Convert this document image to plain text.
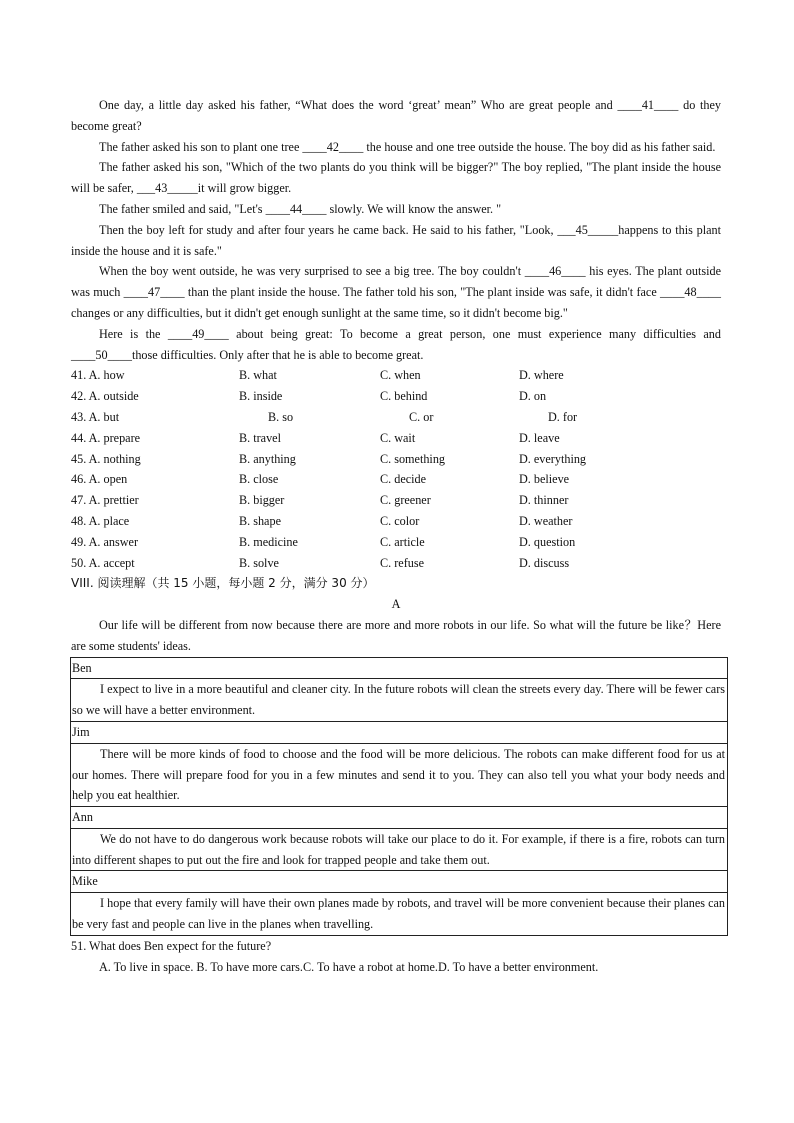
One day, a little day asked his father, “What does the word ‘great’ mean” Who are great people and ____41____ do they become great?

The father asked his son to plant one tree ____42____ the house and one tree outside the house. The boy did as his father said.

The father asked his son, "Which of the two plants do you think will be bigger?" The boy replied, "The plant inside the house will be safer, ___43_____it will grow bigger.

The father smiled and said, "Let's ____44____ slowly. We will know the answer. "

Then the boy left for study and after four years he came back. He said to his father, "Look, ___45_____happens to this plant inside the house and it is safe."

When the boy went outside, he was very surprised to see a big tree. The boy couldn't ____46____ his eyes. The plant outside was much ____47____ than the plant inside the house. The father told his son, "The plant inside was safe, it didn't face ____48____ changes or any difficulties, but it didn't get enough sunlight at the same time, so it didn't become big."

Here is the ____49____ about being great: To become a great person, one must experience many difficulties and ____50____those difficulties. Only after that he is able to become great.

41. A. how	B. what	C. when	D. where
42. A. outside	B. inside	C. behind	D. on
43. A. but	B. so	C. or	D. for
44. A. prepare	B. travel	C. wait	D. leave
45. A. nothing	B. anything	C. something	D. everything
46. A. open	B. close	C. decide	D. believe
47. A. prettier	B. bigger	C. greener	D. thinner
48. A. place	B. shape	C. color	D. weather
49. A. answer	B. medicine	C. article	D. question
50. A. accept	B. solve	C. refuse	D. discuss

VIII. 阅读理解（共 15 小题，每小题 2 分，满分 30 分）

A

Our life will be different from now because there are more and more robots in our life. So what will the future be like？Here are some students' ideas.

Ben

I expect to live in a more beautiful and cleaner city. In the future robots will clean the streets every day. There will be fewer cars so we will have a better environment.

Jim

There will be more kinds of food to choose and the food will be more delicious. The robots can make different food for us at our homes. There will prepare food for you in a few minutes and send it to you. They can also tell you what your body needs and help you eat healthier.

Ann

We do not have to do dangerous work because robots will take our place to do it. For example, if there is a fire, robots can turn into different shapes to put out the fire and look for trapped people and take them out.

Mike

I hope that every family will have their own planes made by robots, and travel will be more convenient because their planes can be very fast and people can live in the planes when travelling.

51. What does Ben expect for the future?

A. To live in space. B. To have more cars.C. To have a robot at home.D. To have a better environment.
